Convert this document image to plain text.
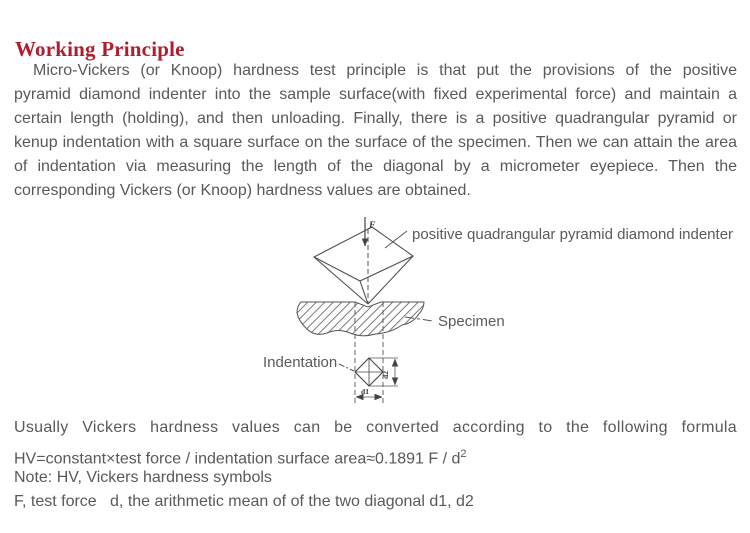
Working Principle
Micro-Vickers (or Knoop) hardness test principle is that put the provisions of the positive
pyramid diamond indenter into the sample surface(with fixed experimental force) and maintain a
certain length (holding), and then unloading. Finally, there is a positive quadrangular pyramid or
kenup indentation with a square surface on the surface of the specimen. Then we can attain the area
of indentation via measuring the length of the diagonal by a micrometer eyepiece. Then the
corresponding Vickers (or Knoop) hardness values are obtained.
F positive quadrangular pyramid diamond indenter
Specimen
d2
d1
Indentation
Usually Vickers hardness values can be converted according to the following formula
HV=constant×test force / indentation surface area≈0.1891 F / $d^2$
Note: HV, Vickers hardness symbols
F, test force   d, the arithmetic mean of of the two diagonal d1, d2
